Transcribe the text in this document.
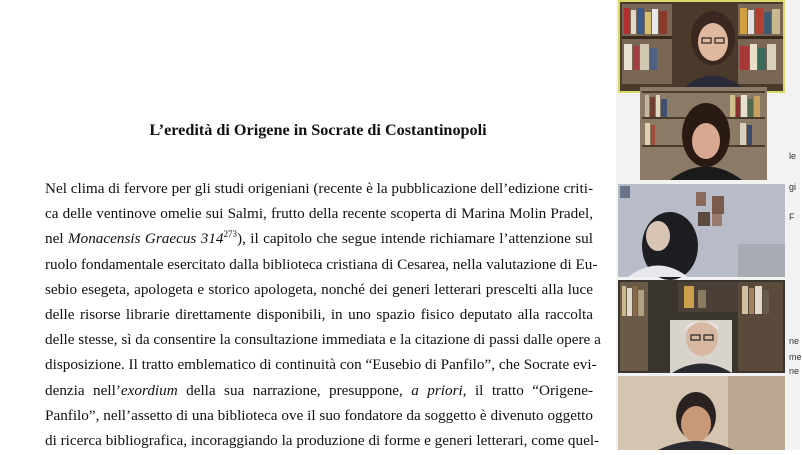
L’eredità di Origene in Socrate di Costantinopoli
Nel clima di fervore per gli studi origeniani (recente è la pubblicazione dell’edizione criti-
ca delle ventinove omelie sui Salmi, frutto della recente scoperta di Marina Molin Pradel,
nel Monacensis Graecus $314^{273}$), il capitolo che segue intende richiamare l’attenzione sul
ruolo fondamentale esercitato dalla biblioteca cristiana di Cesarea, nella valutazione di Eu-
sebio esegeta, apologeta e storico apologeta, nonché dei generi letterari prescelti alla luce
delle risorse librarie direttamente disponibili, in uno spazio fisico deputato alla raccolta
delle stesse, sì da consentire la consultazione immediata e la citazione di passi dalle opere a
disposizione. Il tratto emblematico di continuità con “Eusebio di Panfilo”, che Socrate evi-
denzia nell’exordium della sua narrazione, presuppone, a priori, il tratto “Origene-
Panfilo”, nell’assetto di una biblioteca ove il suo fondatore da soggetto è divenuto oggetto
di ricerca bibliografica, incoraggiando la produzione di forme e generi letterari, come quel-
le
gi
F
ne
me
ne
